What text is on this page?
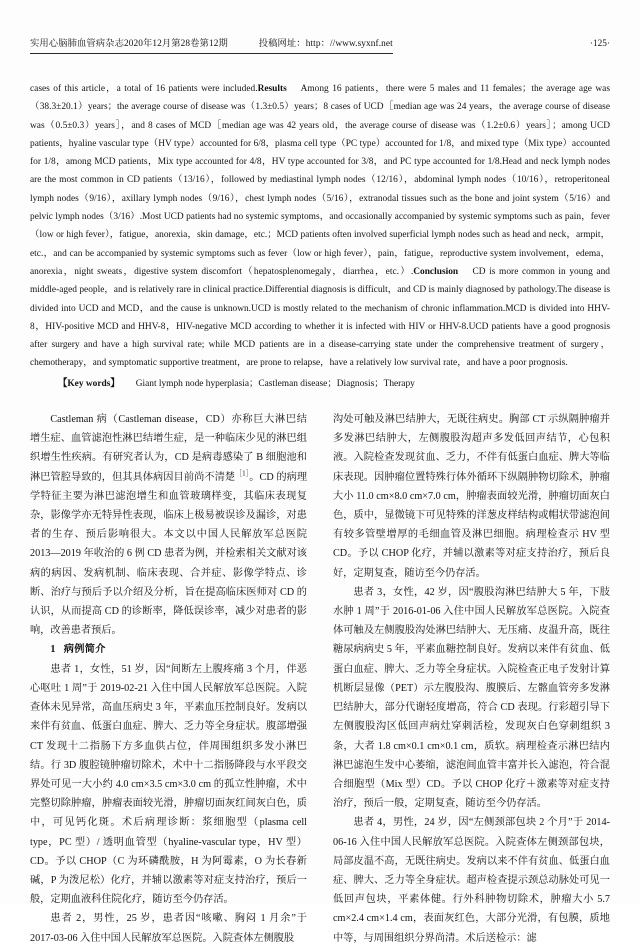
实用心脑肺血管病杂志2020年12月第28卷第12期	投稿网址：http：//www.syxnf.net	·125·
cases of this article，a total of 16 patients were included.Results Among 16 patients，there were 5 males and 11 females；the average age was（38.3±20.1）years；the average course of disease was（1.3±0.5）years；8 cases of UCD［median age was 24 years，the average course of disease was（0.5±0.3）years］，and 8 cases of MCD［median age was 42 years old，the average course of disease was（1.2±0.6）years］；among UCD patients，hyaline vascular type（HV type）accounted for 6/8，plasma cell type（PC type）accounted for 1/8，and mixed type（Mix type）accounted for 1/8，among MCD patients，Mix type accounted for 4/8，HV type accounted for 3/8，and PC type accounted for 1/8.Head and neck lymph nodes are the most common in CD patients（13/16），followed by mediastinal lymph nodes（12/16），abdominal lymph nodes（10/16），retroperitoneal lymph nodes（9/16），axillary lymph nodes（9/16），chest lymph nodes（5/16），extranodal tissues such as the bone and joint system（5/16）and pelvic lymph nodes（3/16）.Most UCD patients had no systemic symptoms，and occasionally accompanied by systemic symptoms such as pain，fever（low or high fever），fatigue，anorexia，skin damage，etc.；MCD patients often involved superficial lymph nodes such as head and neck，armpit，etc.，and can be accompanied by systemic symptoms such as fever（low or high fever），pain，fatigue，reproductive system involvement，edema，anorexia，night sweats，digestive system discomfort（hepatosplenomegaly，diarrhea，etc.）.Conclusion CD is more common in young and middle-aged people，and is relatively rare in clinical practice.Differential diagnosis is difficult，and CD is mainly diagnosed by pathology.The disease is divided into UCD and MCD，and the cause is unknown.UCD is mostly related to the mechanism of chronic inflammation.MCD is divided into HHV-8，HIV-positive MCD and HHV-8，HIV-negative MCD according to whether it is infected with HIV or HHV-8.UCD patients have a good prognosis after surgery and have a high survival rate; while MCD patients are in a disease-carrying state under the comprehensive treatment of surgery，chemotherapy，and symptomatic supportive treatment，are prone to relapse，have a relatively low survival rate，and have a poor prognosis.
【Key words】 Giant lymph node hyperplasia；Castleman disease；Diagnosis；Therapy

Castleman 病（Castleman disease，CD）亦称巨大淋巴结增生症、血管滤泡性淋巴结增生症，是一种临床少见的淋巴组织增生性疾病。有研究者认为，CD 是病毒感染了 B 细胞池和淋巴管腔导致的，但其具体病因目前尚不清楚$^{[1]}$。CD 的病理学特征主要为淋巴滤泡增生和血管玻璃样变，其临床表现复杂，影像学亦无特异性表现，临床上极易被误诊及漏诊，对患者的生存、预后影响很大。本文以中国人民解放军总医院 2013—2019 年收治的 6 例 CD 患者为例，并检索相关文献对该病的病因、发病机制、临床表现、合并症、影像学特点、诊断、治疗与预后予以介绍及分析，旨在提高临床医师对 CD 的认识，从而提高 CD 的诊断率，降低误诊率，减少对患者的影响，改善患者预后。

1 病例简介

患者 1，女性，51 岁，因“间断左上腹疼痛 3 个月，伴恶心呕吐 1 周”于 2019-02-21 入住中国人民解放军总医院。入院查体未见异常，高血压病史 3 年，平素血压控制良好。发病以来伴有贫血、低蛋白血症、脾大、乏力等全身症状。腹部增强 CT 发现十二指肠下方多血供占位，伴周围组织多发小淋巴结。行 3D 腹腔镜肿瘤切除术，术中十二指肠降段与水平段交界处可见一大小约 4.0 cm×3.5 cm×3.0 cm 的孤立性肿瘤，术中完整切除肿瘤，肿瘤表面较光滑，肿瘤切面灰红间灰白色，质中，可见钙化斑。术后病理诊断：浆细胞型（plasma cell type，PC 型）/ 透明血管型（hyaline-vascular type，HV 型）CD。予以 CHOP（C 为环磷酰胺，H 为阿霉素，O 为长春新碱，P 为泼尼松）化疗，并辅以激素等对症支持治疗，预后一般，定期血液科住院化疗，随访至今仍存活。

患者 2，男性，25 岁，患者因“咳嗽、胸闷 1 月余”于 2017-03-06 入住中国人民解放军总医院。入院查体左侧腹股

沟处可触及淋巴结肿大，无既往病史。胸部 CT 示纵隔肿瘤并多发淋巴结肿大，左侧腹股沟超声多发低回声结节，心包积液。入院检查发现贫血、乏力，不伴有低蛋白血症、脾大等临床表现。因肿瘤位置特殊行体外循环下纵隔肿物切除术，肿瘤大小 11.0 cm×8.0 cm×7.0 cm，肿瘤表面较光滑，肿瘤切面灰白色，质中，显微镜下可见特殊的洋葱皮样结构或帽状带滤泡间有较多管壁增厚的毛细血管及淋巴细胞。病理检查示 HV 型 CD。予以 CHOP 化疗，并辅以激素等对症支持治疗，预后良好，定期复查，随访至今仍存活。

患者 3，女性，42 岁，因“腹股沟淋巴结肿大 5 年，下肢水肿 1 周”于 2016-01-06 入住中国人民解放军总医院。入院查体可触及左侧腹股沟处淋巴结肿大、无压痛、皮温升高，既往糖尿病病史 5 年，平素血糖控制良好。发病以来伴有贫血、低蛋白血症、脾大、乏力等全身症状。入院检查正电子发射计算机断层显像（PET）示左腹股沟、腹膜后、左髂血管旁多发淋巴结肿大，部分代谢轻度增高，符合 CD 表现。行彩超引导下左侧腹股沟区低回声病灶穿刺活检，发现灰白色穿刺组织 3 条，大者 1.8 cm×0.1 cm×0.1 cm，质软。病理检查示淋巴结内淋巴滤泡生发中心萎缩，滤泡间血管丰富并长入滤泡，符合混合细胞型（Mix 型）CD。予以 CHOP 化疗＋激素等对症支持治疗，预后一般，定期复查，随访至今仍存活。

患者 4，男性，24 岁，因“左侧颈部包块 2 个月”于 2014-06-16 入住中国人民解放军总医院。入院查体左侧颈部包块，局部皮温不高，无既往病史。发病以来不伴有贫血、低蛋白血症、脾大、乏力等全身症状。超声检查提示颈总动脉处可见一低回声包块，平素体健。行外科肿物切除术，肿瘤大小 5.7 cm×2.4 cm×1.4 cm，表面灰红色，大部分光滑，有包膜，质地中等，与周围组织分界尚清。术后送检示：滤
